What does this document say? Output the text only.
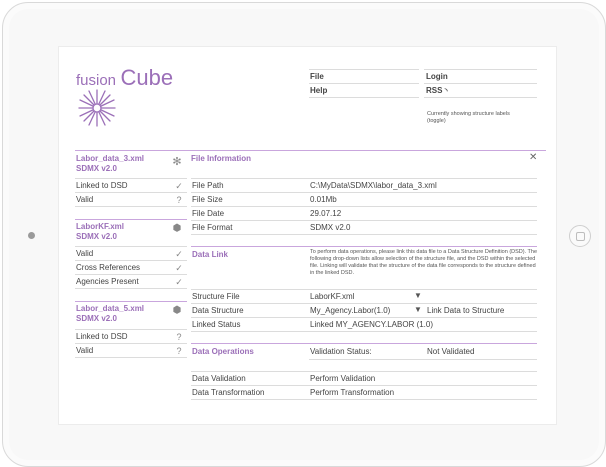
fusion Cube	File	Login
Help	RSS ◝
Currently showing structure labels (toggle)
Labor_data_3.xml
SDMX v2.0
✻
Linked to DSD	✓
Valid	?
LaborKF.xml
SDMX v2.0
⬢
Valid	✓
Cross References	✓
Agencies Present	✓
Labor_data_5.xml
SDMX v2.0
⬢
Linked to DSD	?
Valid	?
File Information	✕
File Path	C:\MyData\SDMX\labor_data_3.xml
File Size	0.01Mb
File Date	29.07.12
File Format	SDMX v2.0
Data Link	To perform data operations, please link this data file to a Data Structure Definition (DSD). The following drop-down lists allow selection of the structure file, and the DSD within the selected file. Linking will validate that the structure of the data file corresponds to the structure defined in the linked DSD.
Structure File	LaborKF.xml	▼
Data Structure	My_Agency.Labor(1.0)	▼ Link Data to Structure
Linked Status	Linked MY_AGENCY.LABOR (1.0)
Data Operations	Validation Status:	Not Validated
Data Validation	Perform Validation
Data Transformation	Perform Transformation
